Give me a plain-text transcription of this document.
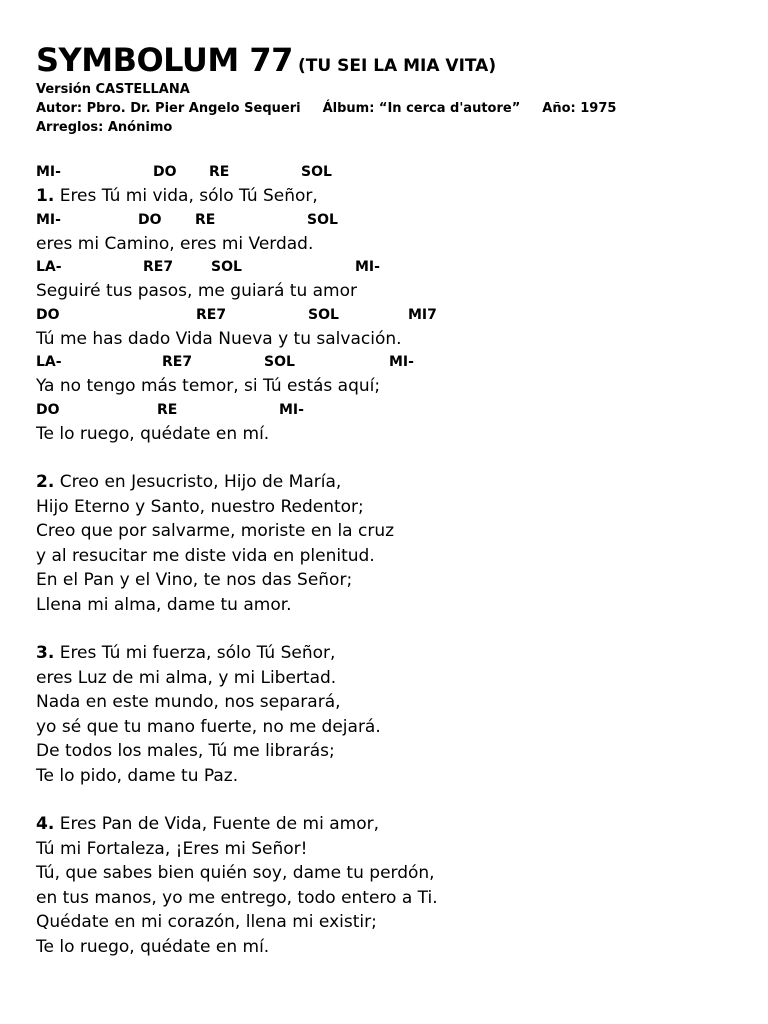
SYMBOLUM 77 (TU SEI LA MIA VITA)
Versión CASTELLANA
Autor: Pbro. Dr. Pier Angelo Sequeri Álbum: “In cerca d'autore” Año: 1975
Arreglos: Anónimo
MI-	DO RE	SOL
1. Eres Tú mi vida, sólo Tú Señor,
MI-	DO RE	SOL
eres mi Camino, eres mi Verdad.
LA-	RE7	SOL	MI-
Seguiré tus pasos, me guiará tu amor
DO	RE7	SOL	MI7
Tú me has dado Vida Nueva y tu salvación.
LA-	RE7	SOL	MI-
Ya no tengo más temor, si Tú estás aquí;
DO	RE	MI-
Te lo ruego, quédate en mí.
2. Creo en Jesucristo, Hijo de María,
Hijo Eterno y Santo, nuestro Redentor;
Creo que por salvarme, moriste en la cruz
y al resucitar me diste vida en plenitud.
En el Pan y el Vino, te nos das Señor;
Llena mi alma, dame tu amor.
3. Eres Tú mi fuerza, sólo Tú Señor,
eres Luz de mi alma, y mi Libertad.
Nada en este mundo, nos separará,
yo sé que tu mano fuerte, no me dejará.
De todos los males, Tú me librarás;
Te lo pido, dame tu Paz.
4. Eres Pan de Vida, Fuente de mi amor,
Tú mi Fortaleza, ¡Eres mi Señor!
Tú, que sabes bien quién soy, dame tu perdón,
en tus manos, yo me entrego, todo entero a Ti.
Quédate en mi corazón, llena mi existir;
Te lo ruego, quédate en mí.
